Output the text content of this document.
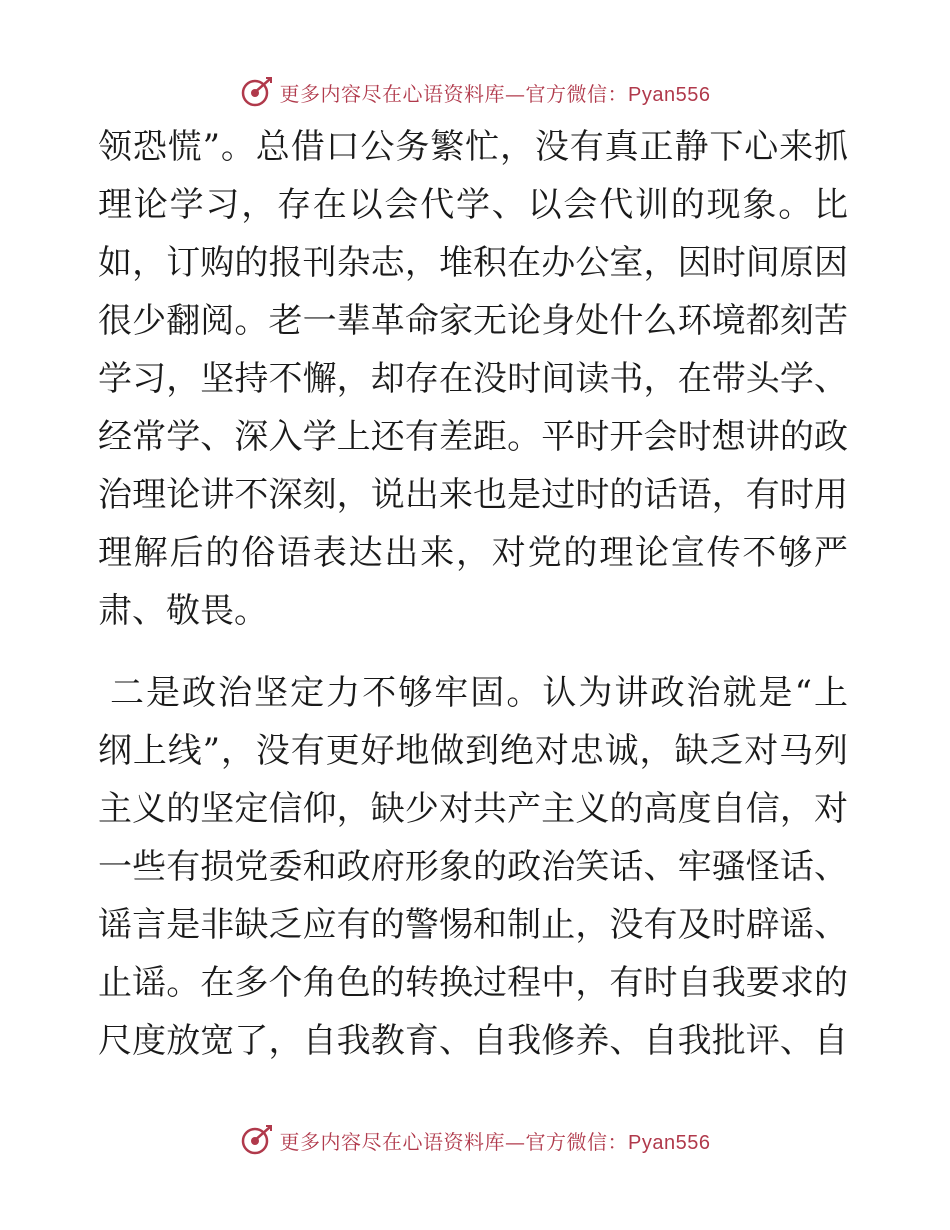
更多内容尽在心语资料库—官方微信：Pyan556
领恐慌”。总借口公务繁忙，没有真正静下心来抓
理论学习，存在以会代学、以会代训的现象。比
如，订购的报刊杂志，堆积在办公室，因时间原因
很少翻阅。老一辈革命家无论身处什么环境都刻苦
学习，坚持不懈，却存在没时间读书，在带头学、
经常学、深入学上还有差距。平时开会时想讲的政
治理论讲不深刻，说出来也是过时的话语，有时用
理解后的俗语表达出来，对党的理论宣传不够严
肃、敬畏。
二是政治坚定力不够牢固。认为讲政治就是“上
纲上线”，没有更好地做到绝对忠诚，缺乏对马列
主义的坚定信仰，缺少对共产主义的高度自信，对
一些有损党委和政府形象的政治笑话、牢骚怪话、
谣言是非缺乏应有的警惕和制止，没有及时辟谣、
止谣。在多个角色的转换过程中，有时自我要求的
尺度放宽了，自我教育、自我修养、自我批评、自
更多内容尽在心语资料库—官方微信：Pyan556
